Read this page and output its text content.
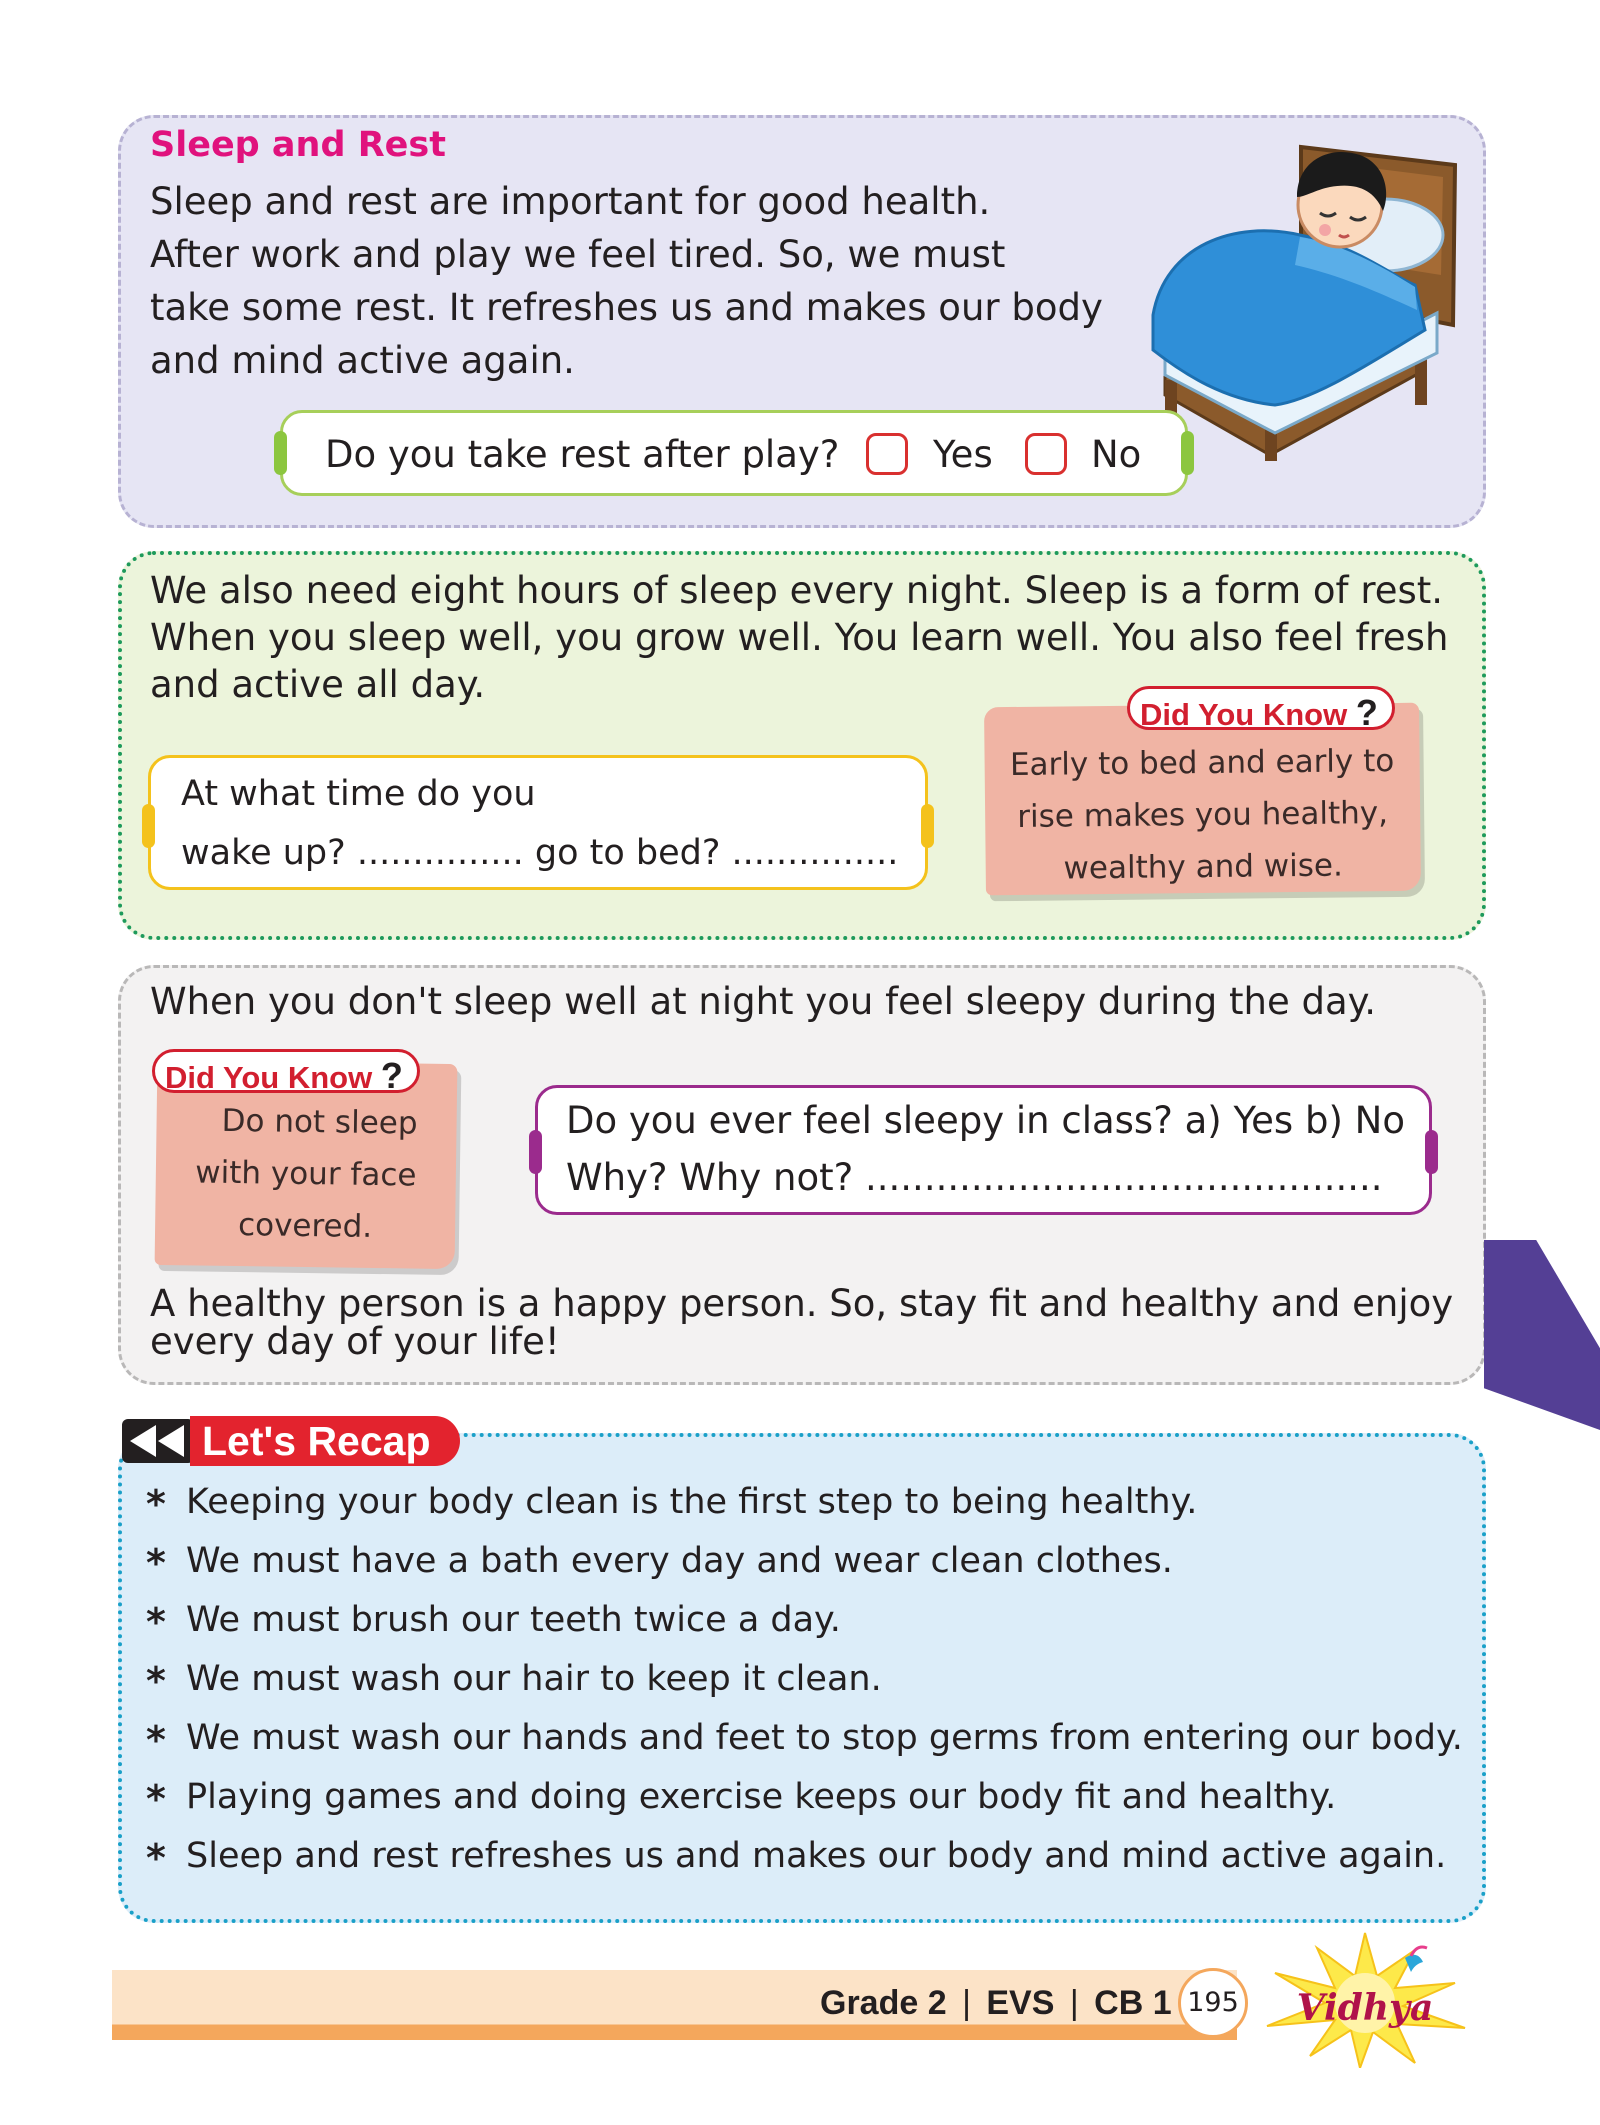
Sleep and Rest
Sleep and rest are important for good health.
After work and play we feel tired. So, we must
take some rest. It refreshes us and makes our body
and mind active again.
Do you take rest after play?	Yes	No
We also need eight hours of sleep every night. Sleep is a form of rest.
When you sleep well, you grow well. You learn well. You also feel fresh
and active all day.
At what time do you
wake up? ............... go to bed? ...............
Early to bed and early to
rise makes you healthy,
wealthy and wise.
Did You Know ?
When you don't sleep well at night you feel sleepy during the day.
Do not sleep
with your face
covered.
Did You Know ?
Do you ever feel sleepy in class? a) Yes b) No
Why? Why not? ............................................
A healthy person is a happy person. So, stay fit and healthy and enjoy
every day of your life!
Let's Recap
* Keeping your body clean is the first step to being healthy.
* We must have a bath every day and wear clean clothes.
* We must brush our teeth twice a day.
* We must wash our hair to keep it clean.
* We must wash our hands and feet to stop germs from entering our body.
* Playing games and doing exercise keeps our body fit and healthy.
* Sleep and rest refreshes us and makes our body and mind active again.
Grade 2 | EVS | CB 1 195 Vidhya
